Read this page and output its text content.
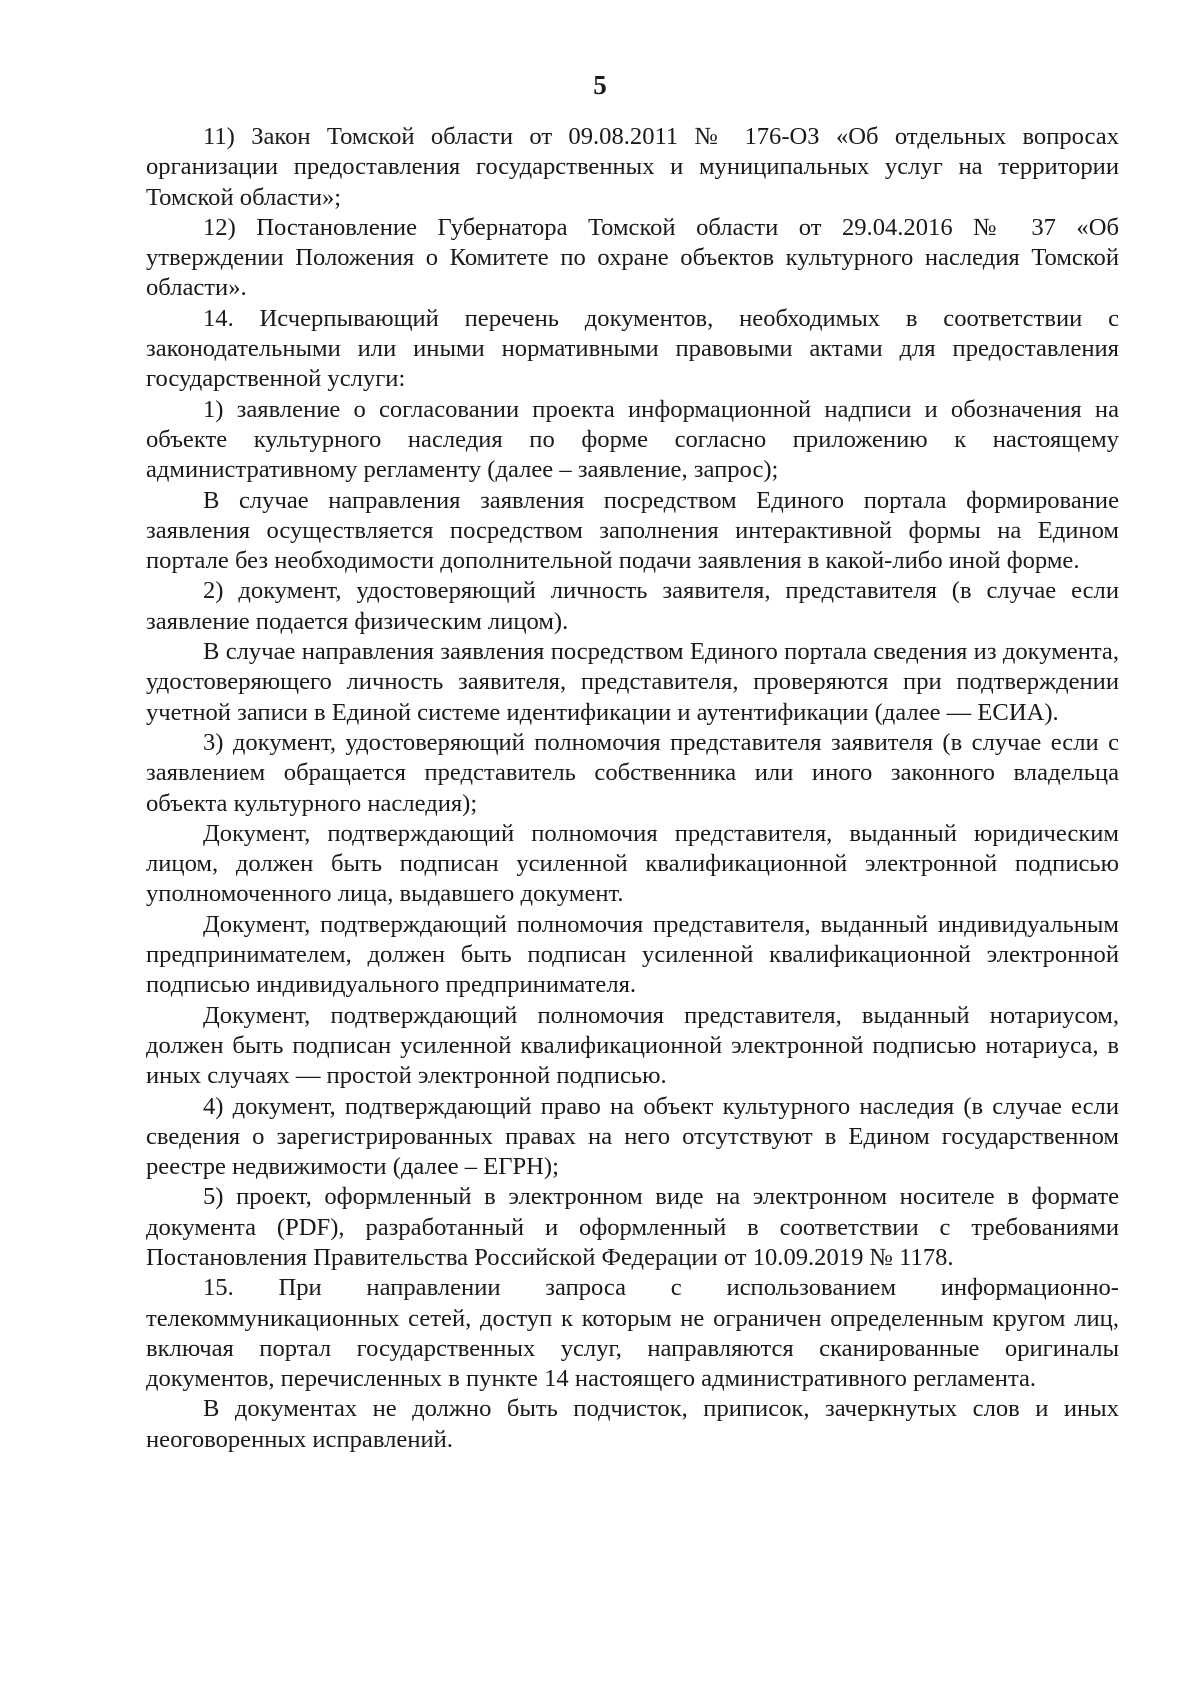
5

11) Закон Томской области от 09.08.2011 № 176-ОЗ «Об отдельных вопросах организации предоставления государственных и муниципальных услуг на территории Томской области»;

12) Постановление Губернатора Томской области от 29.04.2016 № 37 «Об утверждении Положения о Комитете по охране объектов культурного наследия Томской области».

14. Исчерпывающий перечень документов, необходимых в соответствии с законодательными или иными нормативными правовыми актами для предоставления государственной услуги:

1) заявление о согласовании проекта информационной надписи и обозначения на объекте культурного наследия по форме согласно приложению к настоящему административному регламенту (далее – заявление, запрос);

В случае направления заявления посредством Единого портала формирование заявления осуществляется посредством заполнения интерактивной формы на Едином портале без необходимости дополнительной подачи заявления в какой-либо иной форме.

2) документ, удостоверяющий личность заявителя, представителя (в случае если заявление подается физическим лицом).

В случае направления заявления посредством Единого портала сведения из документа, удостоверяющего личность заявителя, представителя, проверяются при подтверждении учетной записи в Единой системе идентификации и аутентификации (далее — ЕСИА).

3) документ, удостоверяющий полномочия представителя заявителя (в случае если с заявлением обращается представитель собственника или иного законного владельца объекта культурного наследия);

Документ, подтверждающий полномочия представителя, выданный юридическим лицом, должен быть подписан усиленной квалификационной электронной подписью уполномоченного лица, выдавшего документ.

Документ, подтверждающий полномочия представителя, выданный индивидуальным предпринимателем, должен быть подписан усиленной квалификационной электронной подписью индивидуального предпринимателя.

Документ, подтверждающий полномочия представителя, выданный нотариусом, должен быть подписан усиленной квалификационной электронной подписью нотариуса, в иных случаях — простой электронной подписью.

4) документ, подтверждающий право на объект культурного наследия (в случае если сведения о зарегистрированных правах на него отсутствуют в Едином государственном реестре недвижимости (далее – ЕГРН);

5) проект, оформленный в электронном виде на электронном носителе в формате документа (PDF), разработанный и оформленный в соответствии с требованиями Постановления Правительства Российской Федерации от 10.09.2019 № 1178.

15. При направлении запроса с использованием информационно-телекоммуникационных сетей, доступ к которым не ограничен определенным кругом лиц, включая портал государственных услуг, направляются сканированные оригиналы документов, перечисленных в пункте 14 настоящего административного регламента.

В документах не должно быть подчисток, приписок, зачеркнутых слов и иных неоговоренных исправлений.
